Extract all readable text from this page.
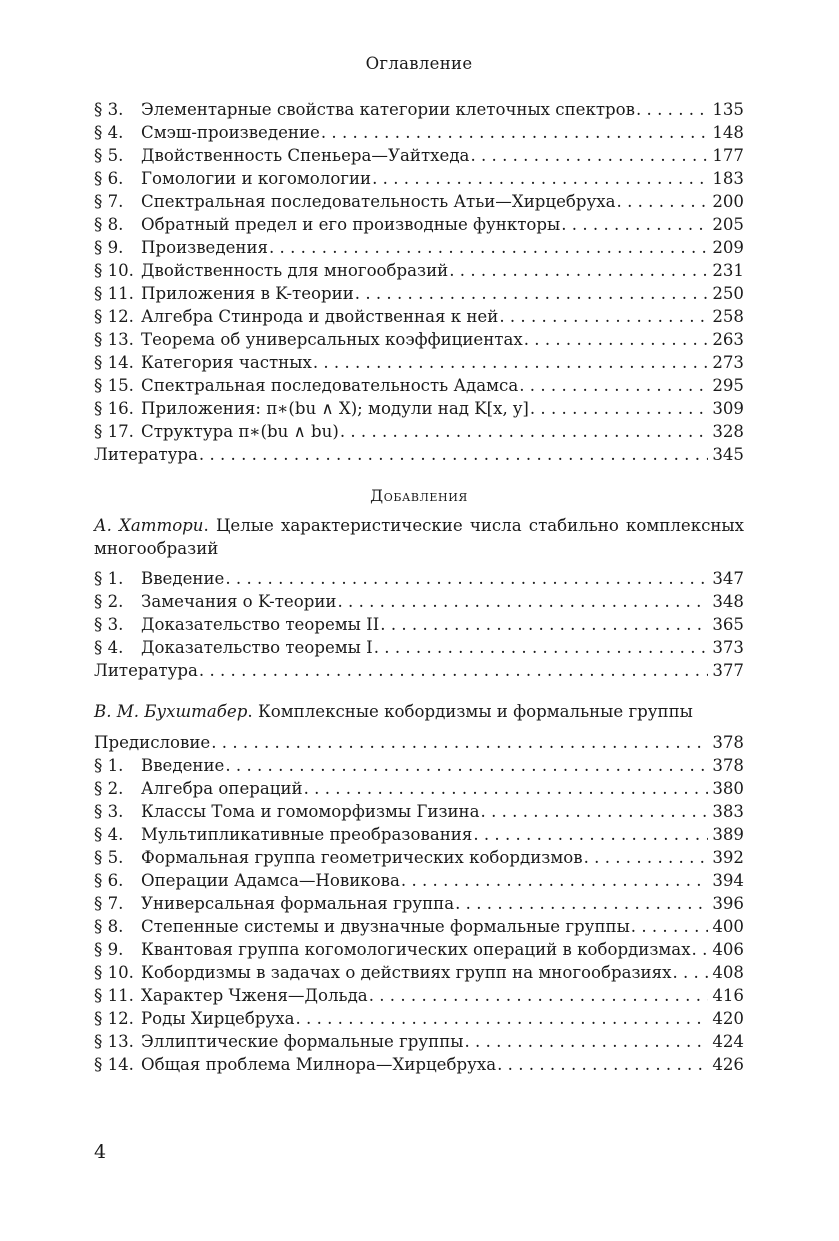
Оглавление
§ 3.	Элементарные свойства категории клеточных спектров . . .	135
§ 4.	Смэш-произведение . . .	148
§ 5.	Двойственность Спеньера—Уайтхеда . . .	177
§ 6.	Гомологии и когомологии . . .	183
§ 7.	Спектральная последовательность Атьи—Хирцебруха . . .	200
§ 8.	Обратный предел и его производные функторы . . .	205
§ 9.	Произведения . . .	209
§ 10. Двойственность для многообразий . . .	231
§ 11. Приложения в K-теории . . .	250
§ 12. Алгебра Стинрода и двойственная к ней . . .	258
§ 13. Теорема об универсальных коэффициентах . . .	263
§ 14. Категория частных . . .	273
§ 15. Спектральная последовательность Адамса . . .	295
§ 16. Приложения: π∗(bu ∧ X); модули над K[x, y] . . .	309
§ 17. Структура π∗(bu ∧ bu) . . .	328
Литература . . .	345
Добавления
А. Хаттори. Целые характеристические числа стабильно комплексных многообразий
§ 1.	Введение . . .	347
§ 2.	Замечания о K-теории . . .	348
§ 3.	Доказательство теоремы II . . .	365
§ 4.	Доказательство теоремы I . . .	373
Литература . . .	377
В. М. Бухштабер. Комплексные кобордизмы и формальные группы
Предисловие . . .	378
§ 1.	Введение . . .	378
§ 2.	Алгебра операций . . .	380
§ 3.	Классы Тома и гомоморфизмы Гизина . . .	383
§ 4.	Мультипликативные преобразования . . .	389
§ 5.	Формальная группа геометрических кобордизмов . . .	392
§ 6.	Операции Адамса—Новикова . . .	394
§ 7.	Универсальная формальная группа . . .	396
§ 8.	Степенные системы и двузначные формальные группы . . .	400
§ 9.	Квантовая группа когомологических операций в кобордизмах . . . 406
§ 10. Кобордизмы в задачах о действиях групп на многообразиях . . . 408
§ 11. Характер Чженя—Дольда . . .	416
§ 12. Роды Хирцебруха . . .	420
§ 13. Эллиптические формальные группы . . .	424
§ 14. Общая проблема Милнора—Хирцебруха . . .	426
4
